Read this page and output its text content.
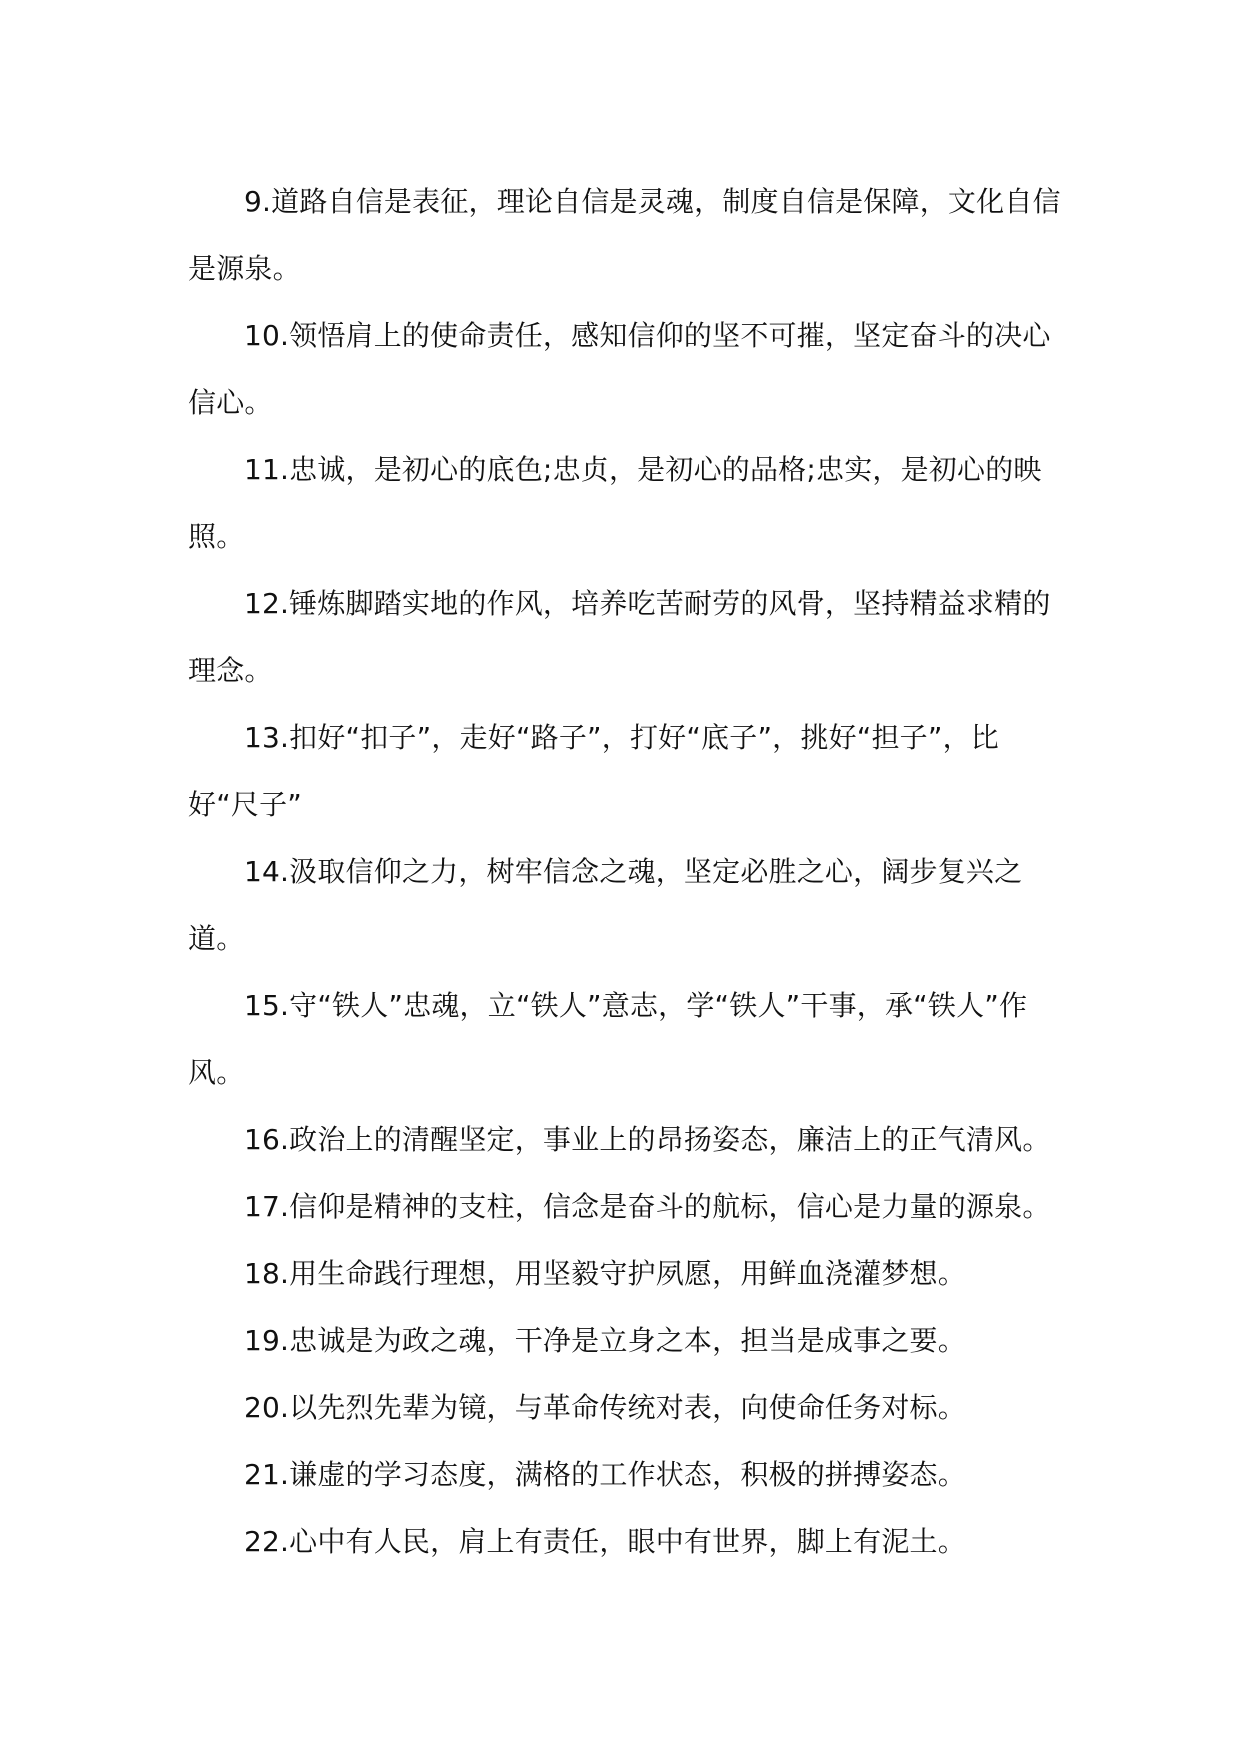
9.道路自信是表征，理论自信是灵魂，制度自信是保障，文化自信是源泉。

10.领悟肩上的使命责任，感知信仰的坚不可摧，坚定奋斗的决心信心。

11.忠诚，是初心的底色;忠贞，是初心的品格;忠实，是初心的映照。

12.锤炼脚踏实地的作风，培养吃苦耐劳的风骨，坚持精益求精的理念。

13.扣好“扣子”，走好“路子”，打好“底子”，挑好“担子”，比好“尺子”

14.汲取信仰之力，树牢信念之魂，坚定必胜之心，阔步复兴之道。

15.守“铁人”忠魂，立“铁人”意志，学“铁人”干事，承“铁人”作风。

16.政治上的清醒坚定，事业上的昂扬姿态，廉洁上的正气清风。

17.信仰是精神的支柱，信念是奋斗的航标，信心是力量的源泉。

18.用生命践行理想，用坚毅守护夙愿，用鲜血浇灌梦想。

19.忠诚是为政之魂，干净是立身之本，担当是成事之要。

20.以先烈先辈为镜，与革命传统对表，向使命任务对标。

21.谦虚的学习态度，满格的工作状态，积极的拼搏姿态。

22.心中有人民，肩上有责任，眼中有世界，脚上有泥土。
